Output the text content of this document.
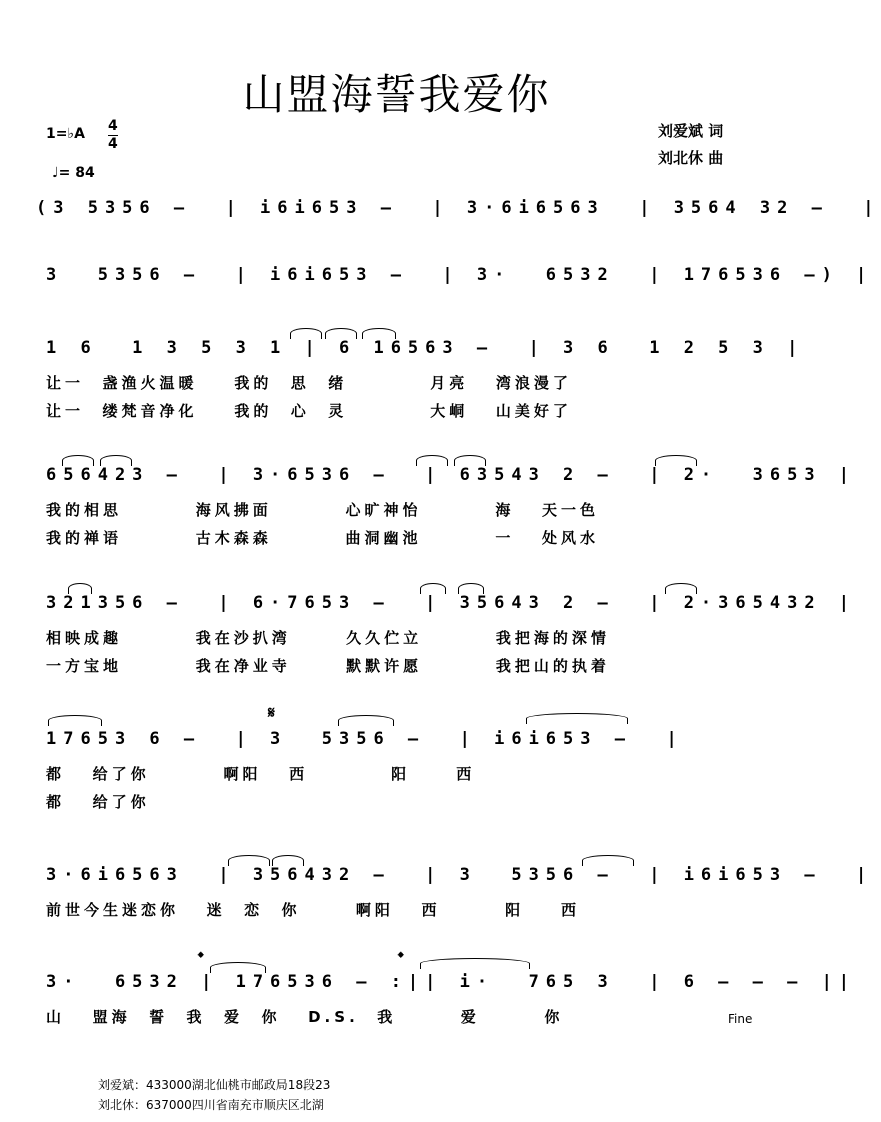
山盟海誓我爱你
1=♭A 4
4
♩= 84
刘爱斌 词
刘北休 曲
(3 5356 –  | i6i653 –  | 3·6i6563  | 3564 32 –  |
3  5356 –  | i6i653 –  | 3·  6532  | 176536 –) |
1 6  1 3 5 3 1 | 6 16563 –  | 3 6  1 2 5 3 |
让一  盏渔火温暖    我的  思  绪         月亮   湾浪漫了
让一  缕梵音净化    我的  心  灵         大峒   山美好了
656423 –  | 3·6536 –  | 63543 2 –  | 2·  3653 |
我的相思        海风拂面        心旷神怡        海   天一色
我的禅语        古木森森        曲洞幽池        一   处风水
321356 –  | 6·7653 –  | 35643 2 –  | 2·365432 |
相映成趣        我在沙扒湾      久久伫立        我把海的深情
一方宝地        我在净业寺      默默许愿        我把山的执着
𝄋
17653 6 –  | 3  5356 –  | i6i653 –  |
都   给了你        啊阳   西         阳     西
都   给了你
3·6i6563  | 356432 –  | 3  5356 –  | i6i653 –  |
前世今生迷恋你   迷  恋  你      啊阳   西       阳    西
𝄌	𝄌
3·  6532 | 176536 – :|| i·  765 3  | 6 – – – ||
山   盟海  誓  我  爱  你   D.S.  我       爱       你	Fine
刘爱斌：433000湖北仙桃市邮政局18段23
刘北休：637000四川省南充市顺庆区北湖
